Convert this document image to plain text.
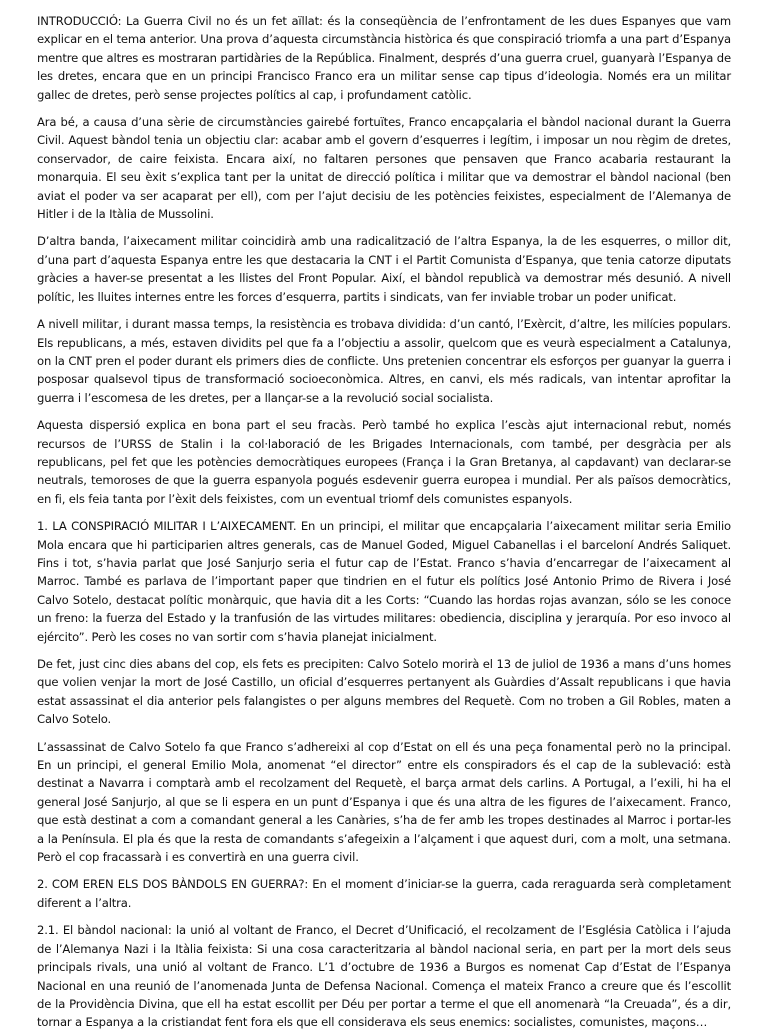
INTRODUCCIÓ: La Guerra Civil no és un fet aïllat: és la conseqüència de l’enfrontament de les dues Espanyes que vam explicar en el tema anterior. Una prova d’aquesta circumstància històrica és que conspiració triomfa a una part d’Espanya mentre que altres es mostraran partidàries de la República. Finalment, després d’una guerra cruel, guanyarà l’Espanya de les dretes, encara que en un principi Francisco Franco era un militar sense cap tipus d’ideologia. Només era un militar gallec de dretes, però sense projectes polítics al cap, i profundament catòlic.

Ara bé, a causa d’una sèrie de circumstàncies gairebé fortuïtes, Franco encapçalaria el bàndol nacional durant la Guerra Civil. Aquest bàndol tenia un objectiu clar: acabar amb el govern d’esquerres i legítim, i imposar un nou règim de dretes, conservador, de caire feixista. Encara així, no faltaren persones que pensaven que Franco acabaria restaurant la monarquia. El seu èxit s’explica tant per la unitat de direcció política i militar que va demostrar el bàndol nacional (ben aviat el poder va ser acaparat per ell), com per l’ajut decisiu de les potències feixistes, especialment de l’Alemanya de Hitler i de la Itàlia de Mussolini.

D’altra banda, l’aixecament militar coincidirà amb una radicalització de l’altra Espanya, la de les esquerres, o millor dit, d’una part d’aquesta Espanya entre les que destacaria la CNT i el Partit Comunista d’Espanya, que tenia catorze diputats gràcies a haver-se presentat a les llistes del Front Popular. Així, el bàndol republicà va demostrar més desunió. A nivell polític, les lluites internes entre les forces d’esquerra, partits i sindicats, van fer inviable trobar un poder unificat.

A nivell militar, i durant massa temps, la resistència es trobava dividida: d’un cantó, l’Exèrcit, d’altre, les milícies populars. Els republicans, a més, estaven dividits pel que fa a l’objectiu a assolir, quelcom que es veurà especialment a Catalunya, on la CNT pren el poder durant els primers dies de conflicte. Uns pretenien concentrar els esforços per guanyar la guerra i posposar qualsevol tipus de transformació socioeconòmica. Altres, en canvi, els més radicals, van intentar aprofitar la guerra i l’escomesa de les dretes, per a llançar-se a la revolució social socialista.

Aquesta dispersió explica en bona part el seu fracàs. Però també ho explica l’escàs ajut internacional rebut, només recursos de l’URSS de Stalin i la col·laboració de les Brigades Internacionals, com també, per desgràcia per als republicans, pel fet que les potències democràtiques europees (França i la Gran Bretanya, al capdavant) van declarar-se neutrals, temoroses de que la guerra espanyola pogués esdevenir guerra europea i mundial. Per als països democràtics, en fi, els feia tanta por l’èxit dels feixistes, com un eventual triomf dels comunistes espanyols.

1. LA CONSPIRACIÓ MILITAR I L’AIXECAMENT. En un principi, el militar que encapçalaria l’aixecament militar seria Emilio Mola encara que hi participarien altres generals, cas de Manuel Goded, Miguel Cabanellas i el barceloní Andrés Saliquet. Fins i tot, s’havia parlat que José Sanjurjo seria el futur cap de l’Estat. Franco s’havia d’encarregar de l’aixecament al Marroc. També es parlava de l’important paper que tindrien en el futur els polítics José Antonio Primo de Rivera i José Calvo Sotelo, destacat polític monàrquic, que havia dit a les Corts: “Cuando las hordas rojas avanzan, sólo se les conoce un freno: la fuerza del Estado y la tranfusión de las virtudes militares: obediencia, disciplina y jerarquía. Por eso invoco al ejército”. Però les coses no van sortir com s’havia planejat inicialment.

De fet, just cinc dies abans del cop, els fets es precipiten: Calvo Sotelo morirà el 13 de juliol de 1936 a mans d’uns homes que volien venjar la mort de José Castillo, un oficial d’esquerres pertanyent als Guàrdies d’Assalt republicans i que havia estat assassinat el dia anterior pels falangistes o per alguns membres del Requetè. Com no troben a Gil Robles, maten a Calvo Sotelo.

L’assassinat de Calvo Sotelo fa que Franco s’adhereixi al cop d’Estat on ell és una peça fonamental però no la principal. En un principi, el general Emilio Mola, anomenat “el director” entre els conspiradors és el cap de la sublevació: està destinat a Navarra i comptarà amb el recolzament del Requetè, el barça armat dels carlins. A Portugal, a l’exili, hi ha el general José Sanjurjo, al que se li espera en un punt d’Espanya i que és una altra de les figures de l’aixecament. Franco, que està destinat a com a comandant general a les Canàries, s’ha de fer amb les tropes destinades al Marroc i portar-les a la Península. El pla és que la resta de comandants s’afegeixin a l’alçament i que aquest duri, com a molt, una setmana. Però el cop fracassarà i es convertirà en una guerra civil.

2. COM EREN ELS DOS BÀNDOLS EN GUERRA?: En el moment d’iniciar-se la guerra, cada reraguarda serà completament diferent a l’altra.

2.1. El bàndol nacional: la unió al voltant de Franco, el Decret d’Unificació, el recolzament de l’Església Catòlica i l’ajuda de l’Alemanya Nazi i la Itàlia feixista: Si una cosa caracteritzaria al bàndol nacional seria, en part per la mort dels seus principals rivals, una unió al voltant de Franco. L’1 d’octubre de 1936 a Burgos es nomenat Cap d’Estat de l’Espanya Nacional en una reunió de l’anomenada Junta de Defensa Nacional. Comença el mateix Franco a creure que és l’escollit de la Providència Divina, que ell ha estat escollit per Déu per portar a terme el que ell anomenarà “la Creuada”, és a dir, tornar a Espanya a la cristiandat fent fora els que ell considerava els seus enemics: socialistes, comunistes, maçons…
